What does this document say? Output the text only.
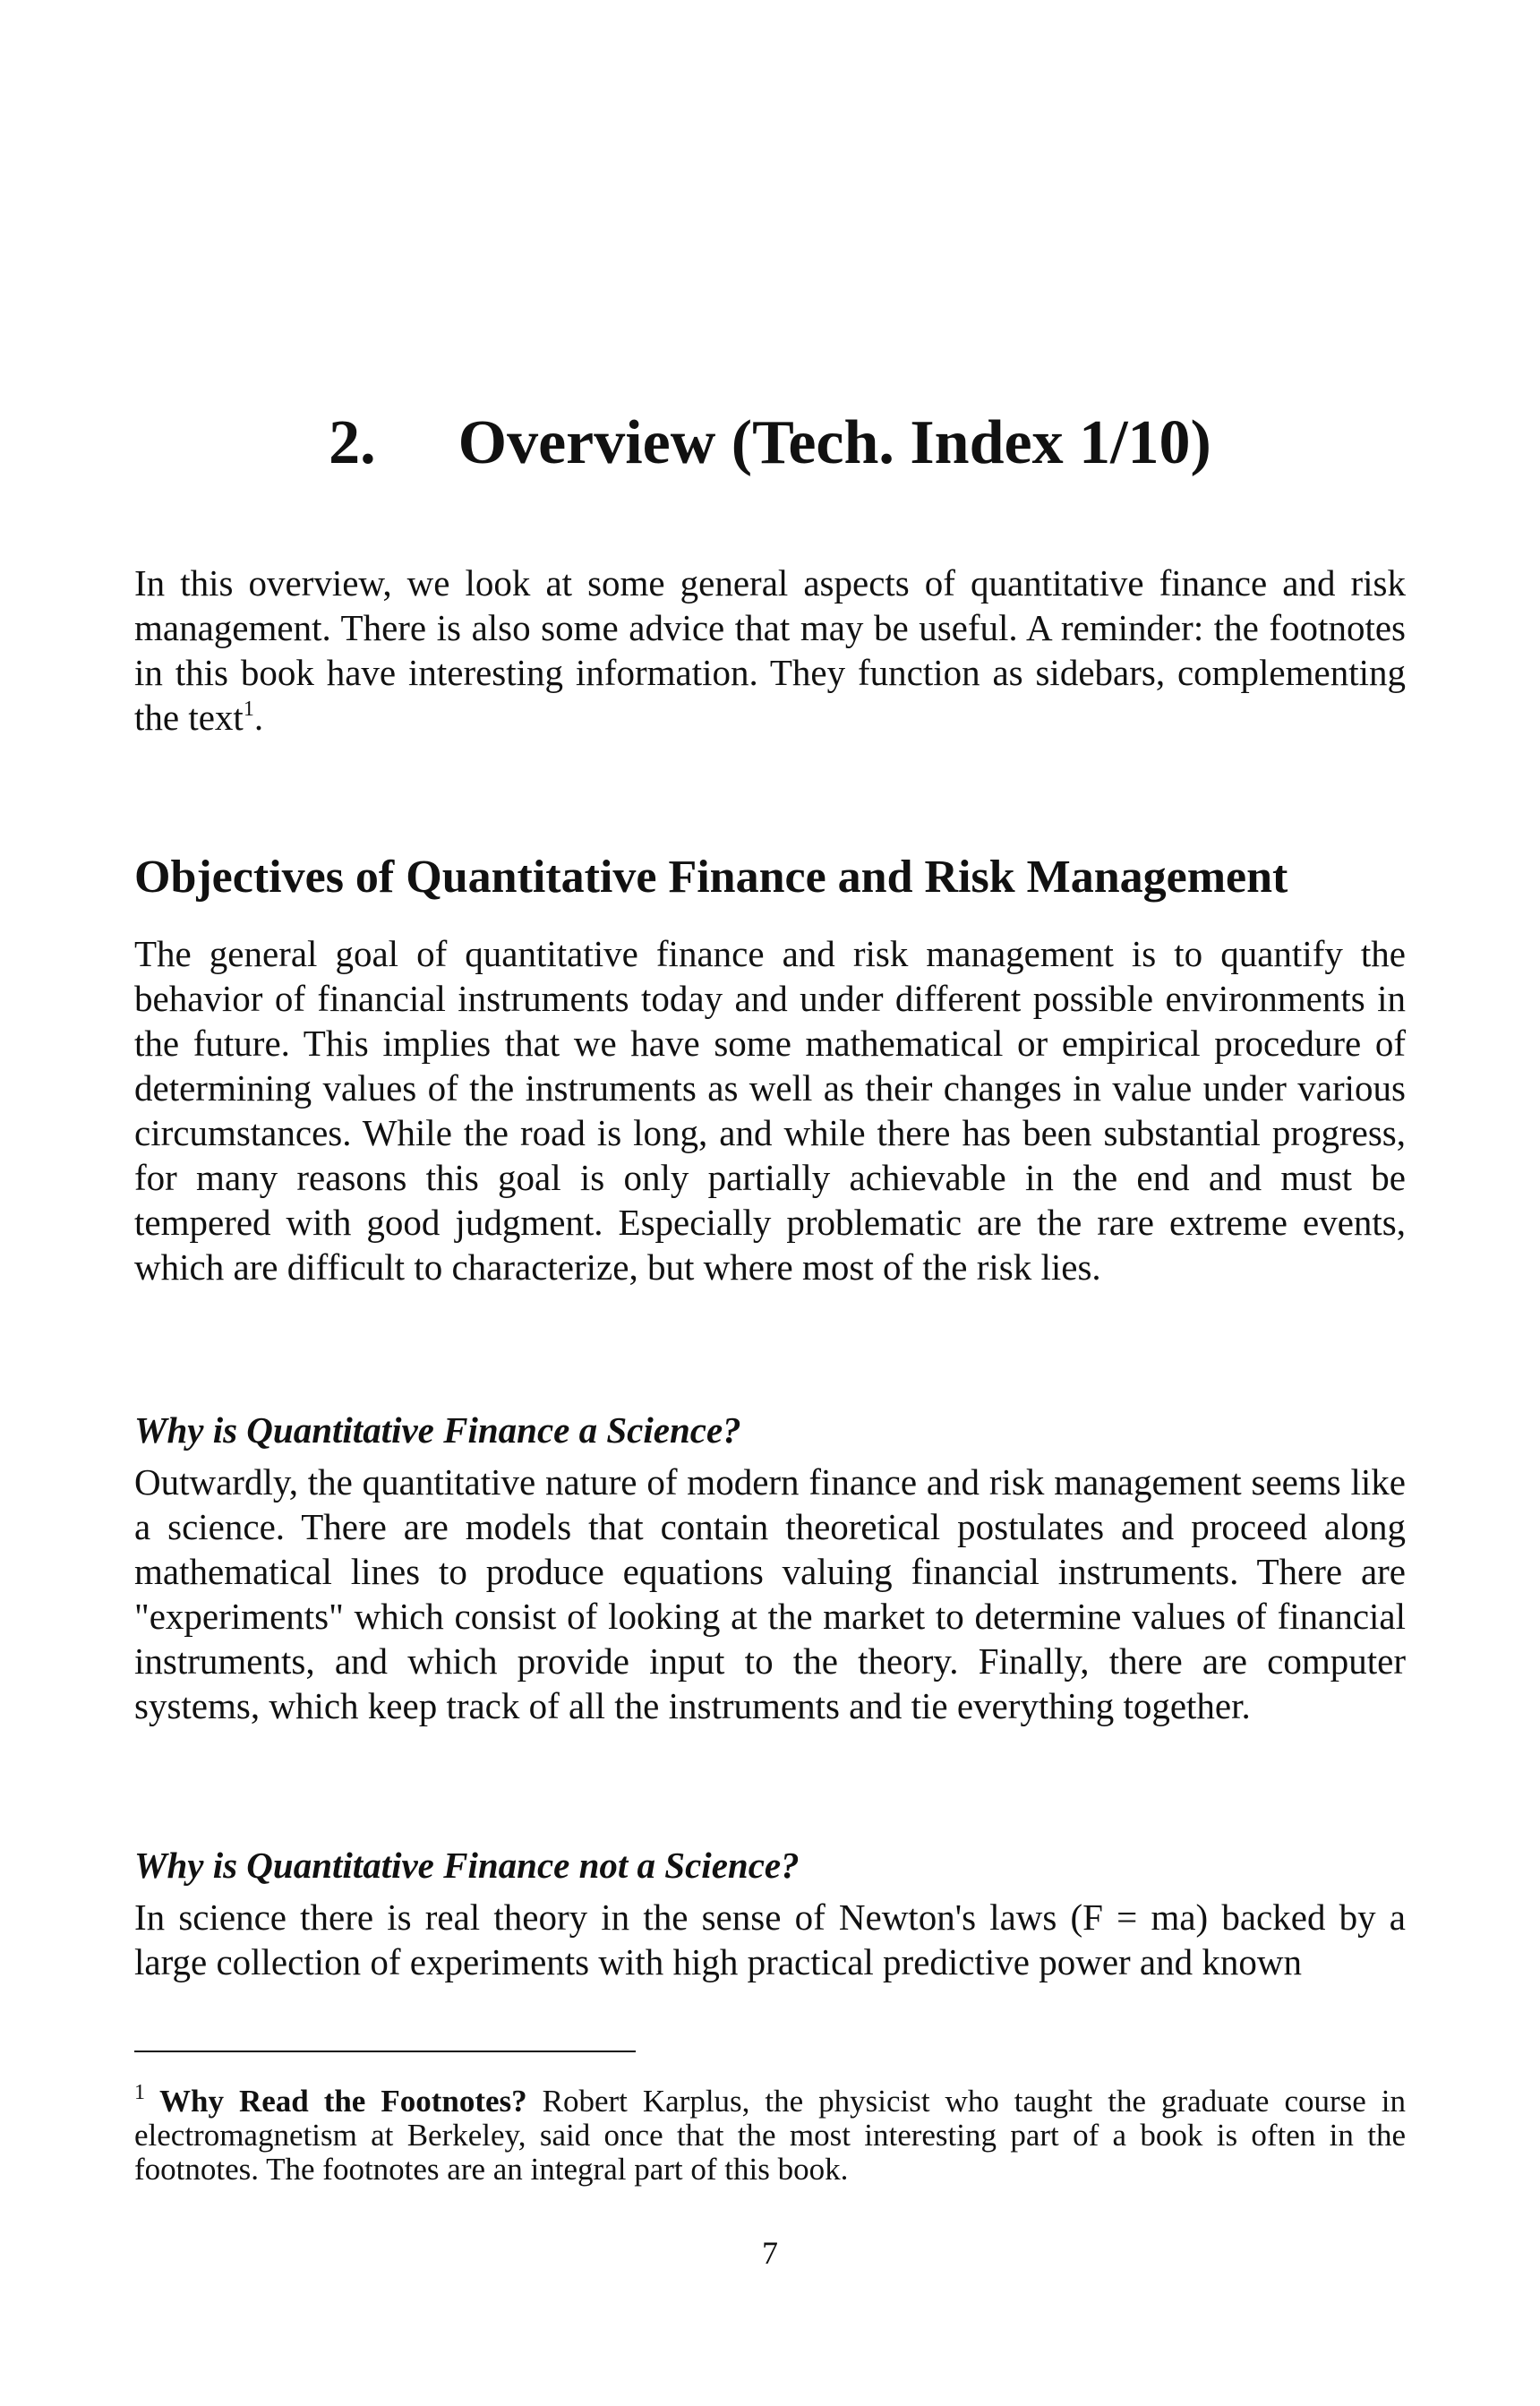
2. Overview (Tech. Index 1/10)

In this overview, we look at some general aspects of quantitative finance and risk management. There is also some advice that may be useful. A reminder: the footnotes in this book have interesting information. They function as sidebars, complementing the text$^1$.

Objectives of Quantitative Finance and Risk Management

The general goal of quantitative finance and risk management is to quantify the behavior of financial instruments today and under different possible environments in the future. This implies that we have some mathematical or empirical procedure of determining values of the instruments as well as their changes in value under various circumstances. While the road is long, and while there has been substantial progress, for many reasons this goal is only partially achievable in the end and must be tempered with good judgment. Especially problematic are the rare extreme events, which are difficult to characterize, but where most of the risk lies.

Why is Quantitative Finance a Science?

Outwardly, the quantitative nature of modern finance and risk management seems like a science. There are models that contain theoretical postulates and proceed along mathematical lines to produce equations valuing financial instruments. There are "experiments" which consist of looking at the market to determine values of financial instruments, and which provide input to the theory. Finally, there are computer systems, which keep track of all the instruments and tie everything together.

Why is Quantitative Finance not a Science?

In science there is real theory in the sense of Newton's laws (F = ma) backed by a large collection of experiments with high practical predictive power and known

$^1$ Why Read the Footnotes? Robert Karplus, the physicist who taught the graduate course in electromagnetism at Berkeley, said once that the most interesting part of a book is often in the footnotes. The footnotes are an integral part of this book.

7
